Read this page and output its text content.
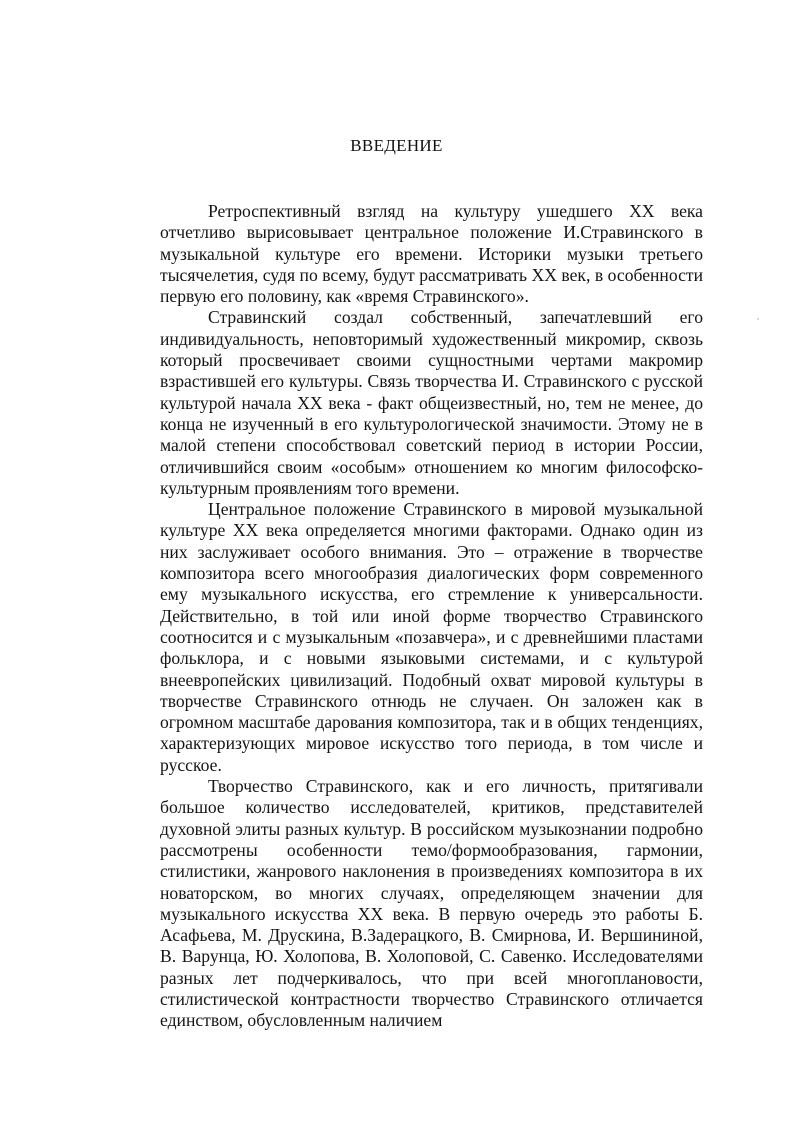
ВВЕДЕНИЕ

Ретроспективный взгляд на культуру ушедшего XX века отчетливо вырисовывает центральное положение И.Стравинского в музыкальной культуре его времени. Историки музыки третьего тысячелетия, судя по всему, будут рассматривать XX век, в особенности первую его половину, как «время Стравинского».

Стравинский создал собственный, запечатлевший его индивидуальность, неповторимый художественный микромир, сквозь который просвечивает своими сущностными чертами макромир взрастившей его культуры. Связь творчества И. Стравинского с русской культурой начала XX века - факт общеизвестный, но, тем не менее, до конца не изученный в его культурологической значимости. Этому не в малой степени способствовал советский период в истории России, отличившийся своим «особым» отношением ко многим философско-культурным проявлениям того времени.

Центральное положение Стравинского в мировой музыкальной культуре XX века определяется многими факторами. Однако один из них заслуживает особого внимания. Это – отражение в творчестве композитора всего многообразия диалогических форм современного ему музыкального искусства, его стремление к универсальности. Действительно, в той или иной форме творчество Стравинского соотносится и с музыкальным «позавчера», и с древнейшими пластами фольклора, и с новыми языковыми системами, и с культурой внеевропейских цивилизаций. Подобный охват мировой культуры в творчестве Стравинского отнюдь не случаен. Он заложен как в огромном масштабе дарования композитора, так и в общих тенденциях, характеризующих мировое искусство того периода, в том числе и русское.

Творчество Стравинского, как и его личность, притягивали большое количество исследователей, критиков, представителей духовной элиты разных культур. В российском музыкознании подробно рассмотрены особенности темо/формообразования, гармонии, стилистики, жанрового наклонения в произведениях композитора в их новаторском, во многих случаях, определяющем значении для музыкального искусства XX века. В первую очередь это работы Б. Асафьева, М. Друскина, В.Задерацкого, В. Смирнова, И. Вершининой, В. Варунца, Ю. Холопова, В. Холоповой, С. Савенко. Исследователями разных лет подчеркивалось, что при всей многоплановости, стилистической контрастности творчество Стравинского отличается единством, обусловленным наличием
